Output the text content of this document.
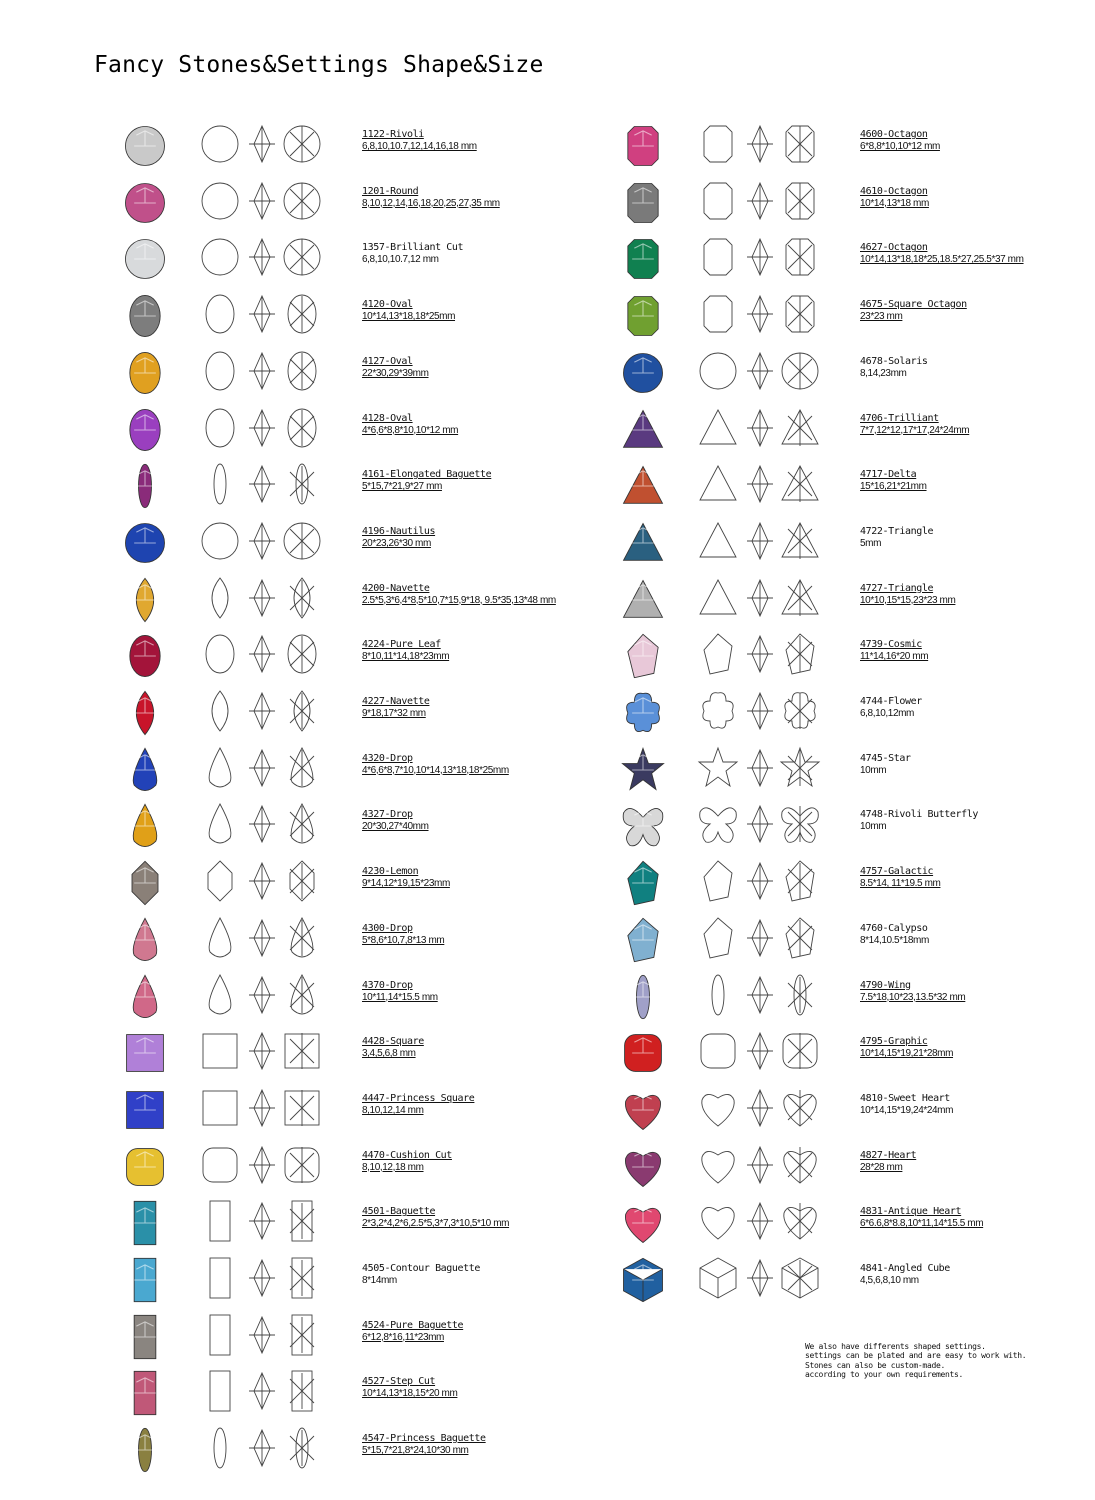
Fancy Stones&Settings Shape&Size
1122-Rivoli
6,8,10,10.7,12,14,16,18 mm
1201-Round
8,10,12,14,16,18,20,25,27,35 mm
1357-Brilliant Cut
6,8,10,10.7,12 mm
4120-Oval
10*14,13*18,18*25mm
4127-Oval
22*30,29*39mm
4128-Oval
4*6,6*8,8*10,10*12 mm
4161-Elongated Baguette
5*15,7*21,9*27 mm
4196-Nautilus
20*23,26*30 mm
4200-Navette
2.5*5,3*6,4*8,5*10,7*15,9*18, 9.5*35,13*48 mm
4224-Pure Leaf
8*10,11*14,18*23mm
4227-Navette
9*18,17*32 mm
4320-Drop
4*6,6*8,7*10,10*14,13*18,18*25mm
4327-Drop
20*30,27*40mm
4230-Lemon
9*14,12*19,15*23mm
4300-Drop
5*8,6*10,7,8*13 mm
4370-Drop
10*11,14*15.5 mm
4428-Square
3,4,5,6,8 mm
4447-Princess Square
8,10,12,14 mm
4470-Cushion Cut
8,10,12,18 mm
4501-Baguette
2*3,2*4,2*6,2.5*5,3*7,3*10,5*10 mm
4505-Contour Baguette
8*14mm
4524-Pure Baguette
6*12,8*16,11*23mm
4527-Step Cut
10*14,13*18,15*20 mm
4547-Princess Baguette
5*15,7*21,8*24,10*30 mm
4600-Octagon
6*8,8*10,10*12 mm
4610-Octagon
10*14,13*18 mm
4627-Octagon
10*14,13*18,18*25,18.5*27,25.5*37 mm
4675-Square Octagon
23*23 mm
4678-Solaris
8,14,23mm
4706-Trilliant
7*7,12*12,17*17,24*24mm
4717-Delta
15*16,21*21mm
4722-Triangle
5mm
4727-Triangle
10*10,15*15,23*23 mm
4739-Cosmic
11*14,16*20 mm
4744-Flower
6,8,10,12mm
4745-Star
10mm
4748-Rivoli Butterfly
10mm
4757-Galactic
8.5*14, 11*19.5 mm
4760-Calypso
8*14,10.5*18mm
4790-Wing
7.5*18,10*23,13.5*32 mm
4795-Graphic
10*14,15*19,21*28mm
4810-Sweet Heart
10*14,15*19,24*24mm
4827-Heart
28*28 mm
4831-Antique Heart
6*6.6,8*8.8,10*11,14*15.5 mm
4841-Angled Cube
4,5,6,8,10 mm
We also have differents shaped settings.
settings can be plated and are easy to work with.
Stones can also be custom-made.
according to your own requirements.
